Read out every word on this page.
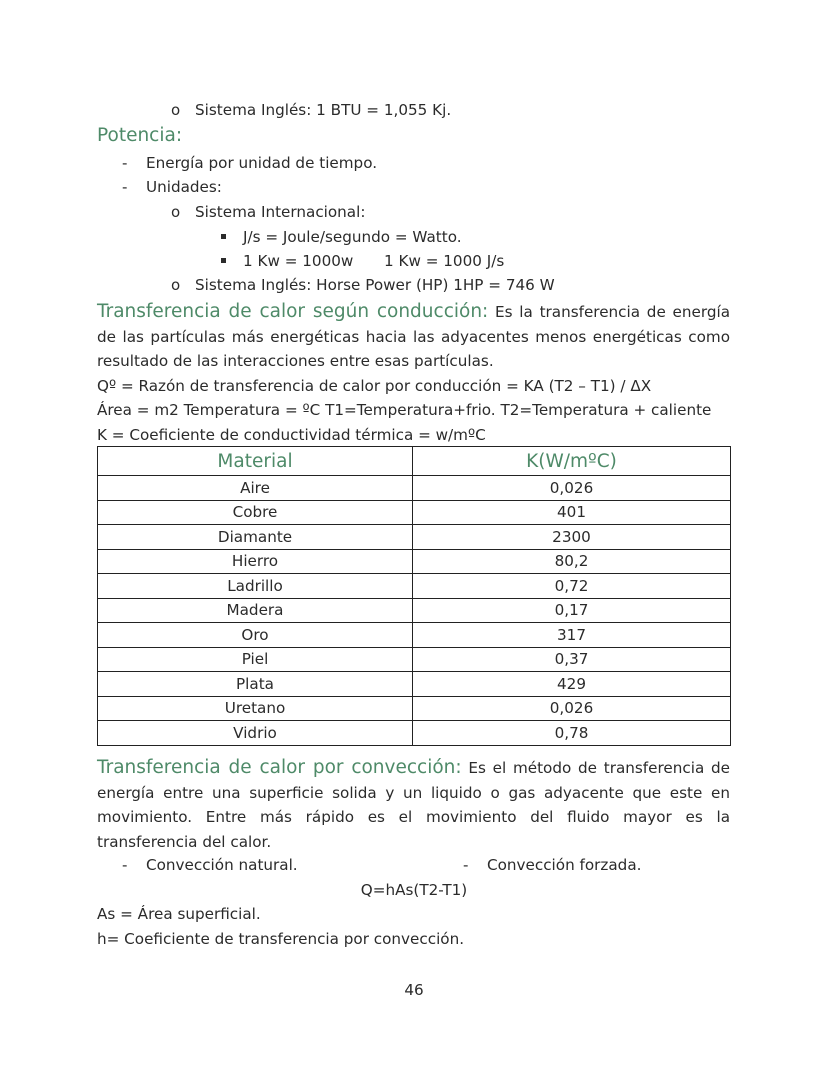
o Sistema Inglés: 1 BTU = 1,055 Kj.
Potencia:
- Energía por unidad de tiempo.
- Unidades:
o Sistema Internacional:
J/s = Joule/segundo = Watto.
1 Kw = 1000w 1 Kw = 1000 J/s
o Sistema Inglés: Horse Power (HP) 1HP = 746 W
Transferencia de calor según conducción: Es la transferencia de energía de las partículas más energéticas hacia las adyacentes menos energéticas como resultado de las interacciones entre esas partículas.
Qº = Razón de transferencia de calor por conducción = KA (T2 – T1) / ΔX
Área = m2 Temperatura = ºC T1=Temperatura+frio. T2=Temperatura + caliente
K = Coeficiente de conductividad térmica = w/mºC
Material	K(W/mºC)
Aire	0,026
Cobre	401
Diamante	2300
Hierro	80,2
Ladrillo	0,72
Madera	0,17
Oro	317
Piel	0,37
Plata	429
Uretano	0,026
Vidrio	0,78
Transferencia de calor por convección: Es el método de transferencia de energía entre una superficie solida y un liquido o gas adyacente que este en movimiento. Entre más rápido es el movimiento del fluido mayor es la transferencia del calor.
- Convección natural.	- Convección forzada.
Q=hAs(T2-T1)
As = Área superficial.
h= Coeficiente de transferencia por convección.
46
